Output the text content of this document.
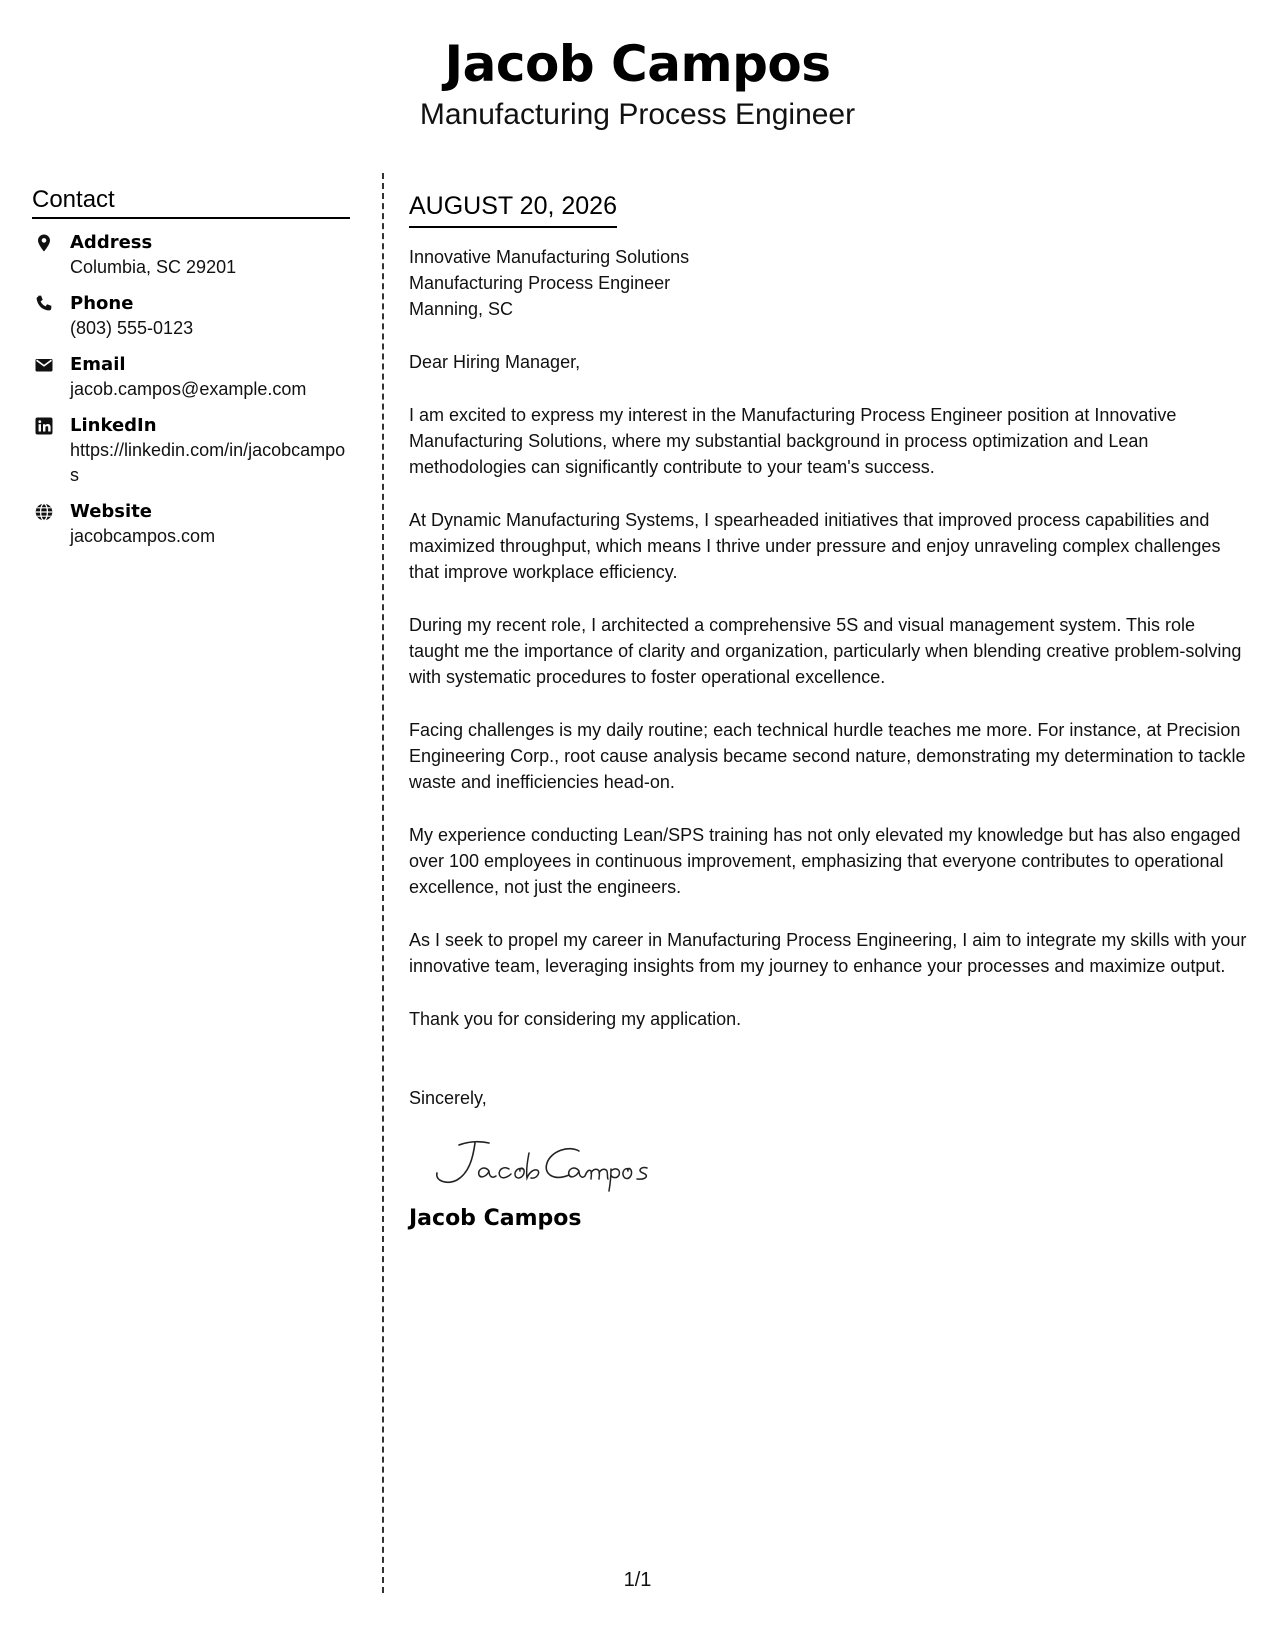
Jacob Campos
Manufacturing Process Engineer
Contact
Address
Columbia, SC 29201
Phone
(803) 555-0123
Email
jacob.campos@example.com
LinkedIn
https://linkedin.com/in/jacobcampos
Website
jacobcampos.com
AUGUST 20, 2026
Innovative Manufacturing Solutions
Manufacturing Process Engineer
Manning, SC
Dear Hiring Manager,
I am excited to express my interest in the Manufacturing Process Engineer position at Innovative Manufacturing Solutions, where my substantial background in process optimization and Lean methodologies can significantly contribute to your team's success.
At Dynamic Manufacturing Systems, I spearheaded initiatives that improved process capabilities and maximized throughput, which means I thrive under pressure and enjoy unraveling complex challenges that improve workplace efficiency.
During my recent role, I architected a comprehensive 5S and visual management system. This role taught me the importance of clarity and organization, particularly when blending creative problem-solving with systematic procedures to foster operational excellence.
Facing challenges is my daily routine; each technical hurdle teaches me more. For instance, at Precision Engineering Corp., root cause analysis became second nature, demonstrating my determination to tackle waste and inefficiencies head-on.
My experience conducting Lean/SPS training has not only elevated my knowledge but has also engaged over 100 employees in continuous improvement, emphasizing that everyone contributes to operational excellence, not just the engineers.
As I seek to propel my career in Manufacturing Process Engineering, I aim to integrate my skills with your innovative team, leveraging insights from my journey to enhance your processes and maximize output.
Thank you for considering my application.
Sincerely,
Jacob Campos
1/1
